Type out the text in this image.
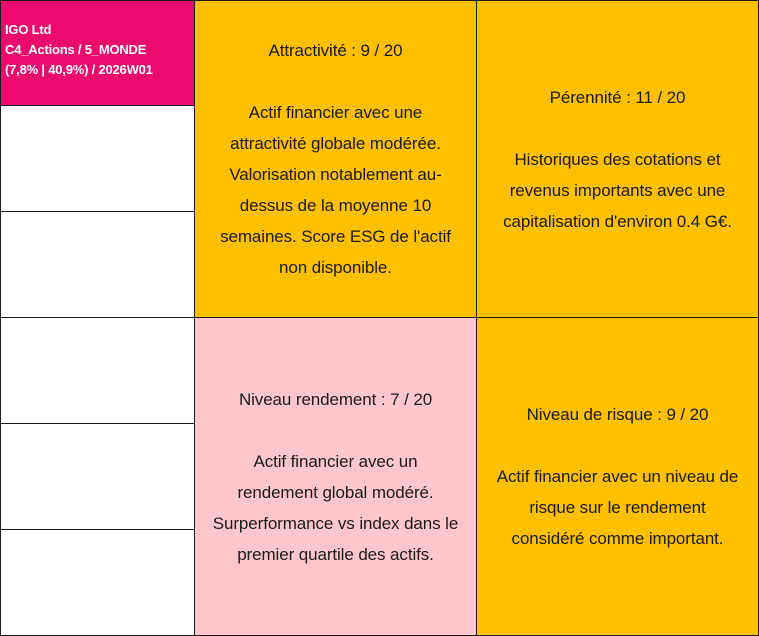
IGO Ltd
C4_Actions / 5_MONDE
(7,8% | 40,9%) / 2026W01
Attractivité : 9 / 20
Actif financier avec une
attractivité globale modérée.
Valorisation notablement au-
dessus de la moyenne 10
semaines. Score ESG de l'actif
non disponible.
Pérennité : 11 / 20
Historiques des cotations et
revenus importants avec une
capitalisation d'environ 0.4 G€.
Niveau rendement : 7 / 20
Actif financier avec un
rendement global modéré.
Surperformance vs index dans le
premier quartile des actifs.
Niveau de risque : 9 / 20
Actif financier avec un niveau de
risque sur le rendement
considéré comme important.
